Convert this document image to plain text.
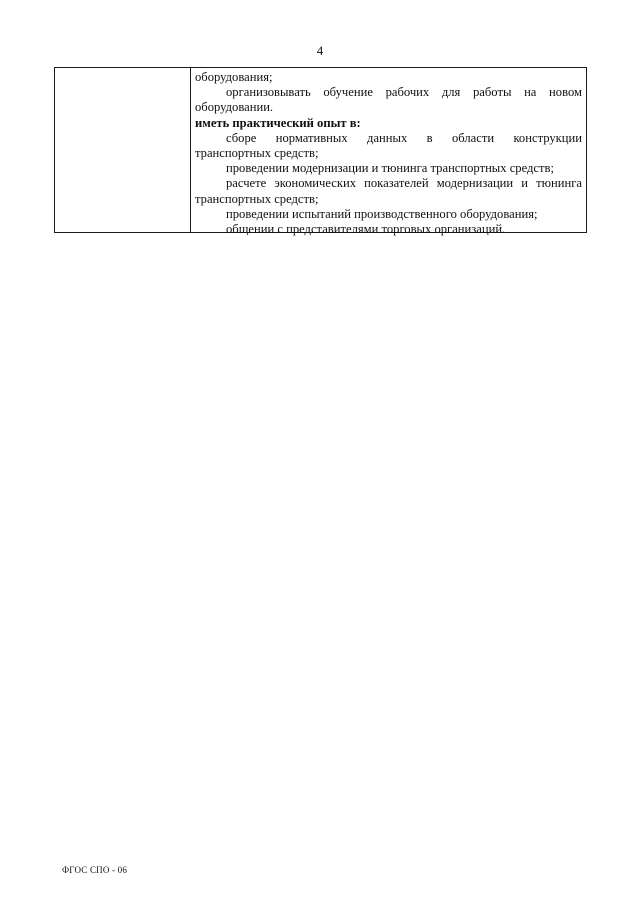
4

оборудования;

организовывать обучение рабочих для работы на новом

оборудовании.

иметь практический опыт в:

сборе нормативных данных в области конструкции

транспортных средств;

проведении модернизации и тюнинга транспортных средств;

расчете экономических показателей модернизации и тюнинга

транспортных средств;

проведении испытаний производственного оборудования;

общении с представителями торговых организаций.

ФГОС СПО - 06
